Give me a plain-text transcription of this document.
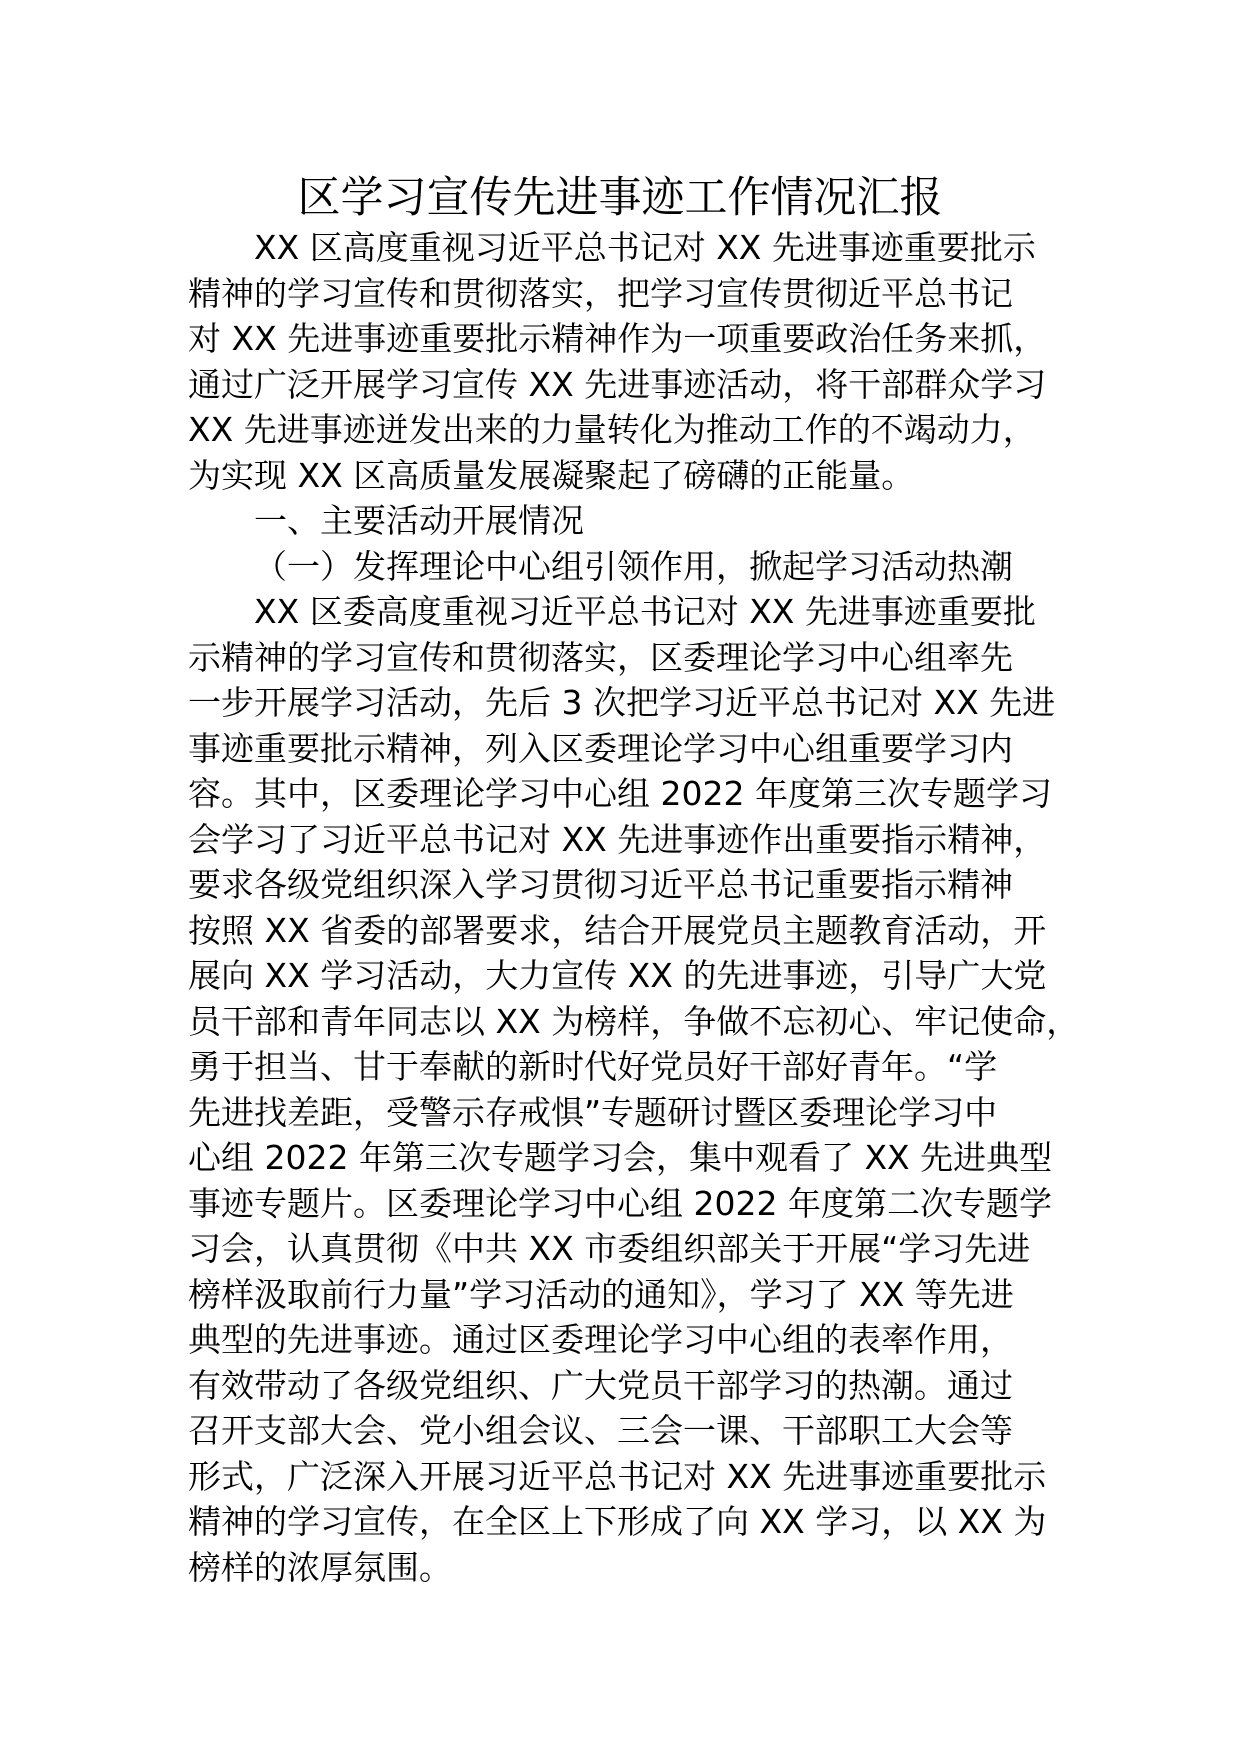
区学习宣传先进事迹工作情况汇报
XX 区高度重视习近平总书记对 XX 先进事迹重要批示
精神的学习宣传和贯彻落实，把学习宣传贯彻近平总书记
对 XX 先进事迹重要批示精神作为一项重要政治任务来抓，
通过广泛开展学习宣传 XX 先进事迹活动，将干部群众学习
XX 先进事迹迸发出来的力量转化为推动工作的不竭动力，
为实现 XX 区高质量发展凝聚起了磅礴的正能量。
一、主要活动开展情况
（一）发挥理论中心组引领作用，掀起学习活动热潮
XX 区委高度重视习近平总书记对 XX 先进事迹重要批
示精神的学习宣传和贯彻落实，区委理论学习中心组率先
一步开展学习活动，先后 3 次把学习近平总书记对 XX 先进
事迹重要批示精神，列入区委理论学习中心组重要学习内
容。其中，区委理论学习中心组 2022 年度第三次专题学习
会学习了习近平总书记对 XX 先进事迹作出重要指示精神，
要求各级党组织深入学习贯彻习近平总书记重要指示精神
按照 XX 省委的部署要求，结合开展党员主题教育活动，开
展向 XX 学习活动，大力宣传 XX 的先进事迹，引导广大党
员干部和青年同志以 XX 为榜样，争做不忘初心、牢记使命，
勇于担当、甘于奉献的新时代好党员好干部好青年。“学
先进找差距，受警示存戒惧”专题研讨暨区委理论学习中
心组 2022 年第三次专题学习会，集中观看了 XX 先进典型
事迹专题片。区委理论学习中心组 2022 年度第二次专题学
习会，认真贯彻《中共 XX 市委组织部关于开展“学习先进
榜样汲取前行力量”学习活动的通知》，学习了 XX 等先进
典型的先进事迹。通过区委理论学习中心组的表率作用，
有效带动了各级党组织、广大党员干部学习的热潮。通过
召开支部大会、党小组会议、三会一课、干部职工大会等
形式，广泛深入开展习近平总书记对 XX 先进事迹重要批示
精神的学习宣传，在全区上下形成了向 XX 学习，以 XX 为
榜样的浓厚氛围。
